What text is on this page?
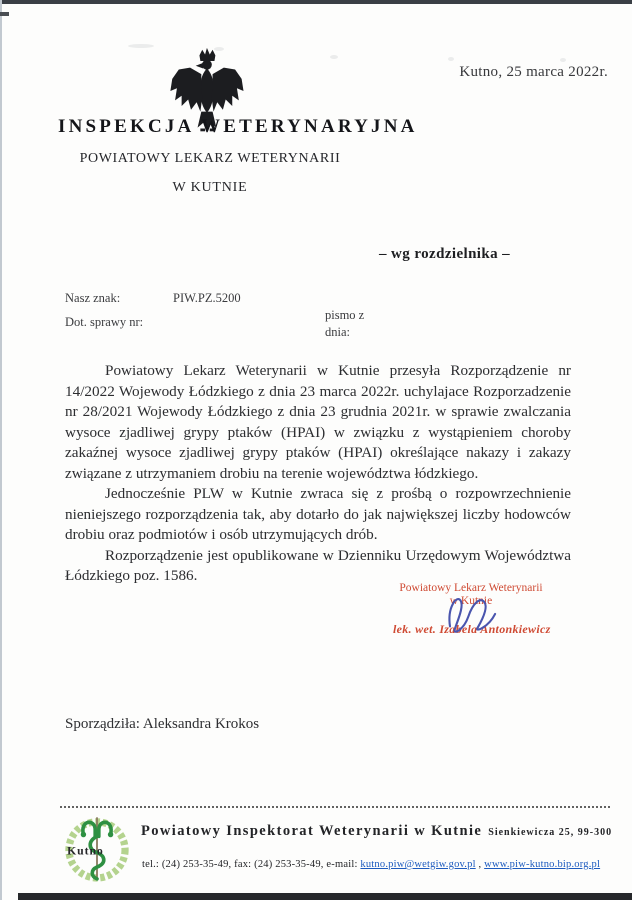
Kutno, 25 marca 2022r.
INSPEKCJA WETERYNARYJNA
POWIATOWY LEKARZ WETERYNARII
W KUTNIE
– wg rozdzielnika –
Nasz znak:	PIW.PZ.5200
Dot. sprawy nr:	pismo z
dnia:

Powiatowy Lekarz Weterynarii w Kutnie przesyła Rozporządzenie nr 14/2022 Wojewody Łódzkiego z dnia 23 marca 2022r. uchylajace Rozporzadzenie nr 28/2021 Wojewody Łódzkiego z dnia 23 grudnia 2021r. w sprawie zwalczania wysoce zjadliwej grypy ptaków (HPAI) w związku z wystąpieniem choroby zakaźnej wysoce zjadliwej grypy ptaków (HPAI) określające nakazy i zakazy związane z utrzymaniem drobiu na terenie województwa łódzkiego.

Jednocześnie PLW w Kutnie zwraca się z prośbą o rozpowrzechnienie nieniejszego rozporządzenia tak, aby dotarło do jak największej liczby hodowców drobiu oraz podmiotów i osób utrzymujących drób.

Rozporządzenie jest opublikowane w Dzienniku Urzędowym Województwa Łódzkiego poz. 1586.

Powiatowy Lekarz Weterynarii
w Kutnie
lek. wet. Izabela Antonkiewicz
Sporządziła: Aleksandra Krokos
Kutno
Powiatowy Inspektorat Weterynarii w Kutnie Sienkiewicza 25, 99-300
tel.: (24) 253-35-49, fax: (24) 253-35-49, e-mail: kutno.piw@wetgiw.gov.pl , www.piw-kutno.bip.org.pl
